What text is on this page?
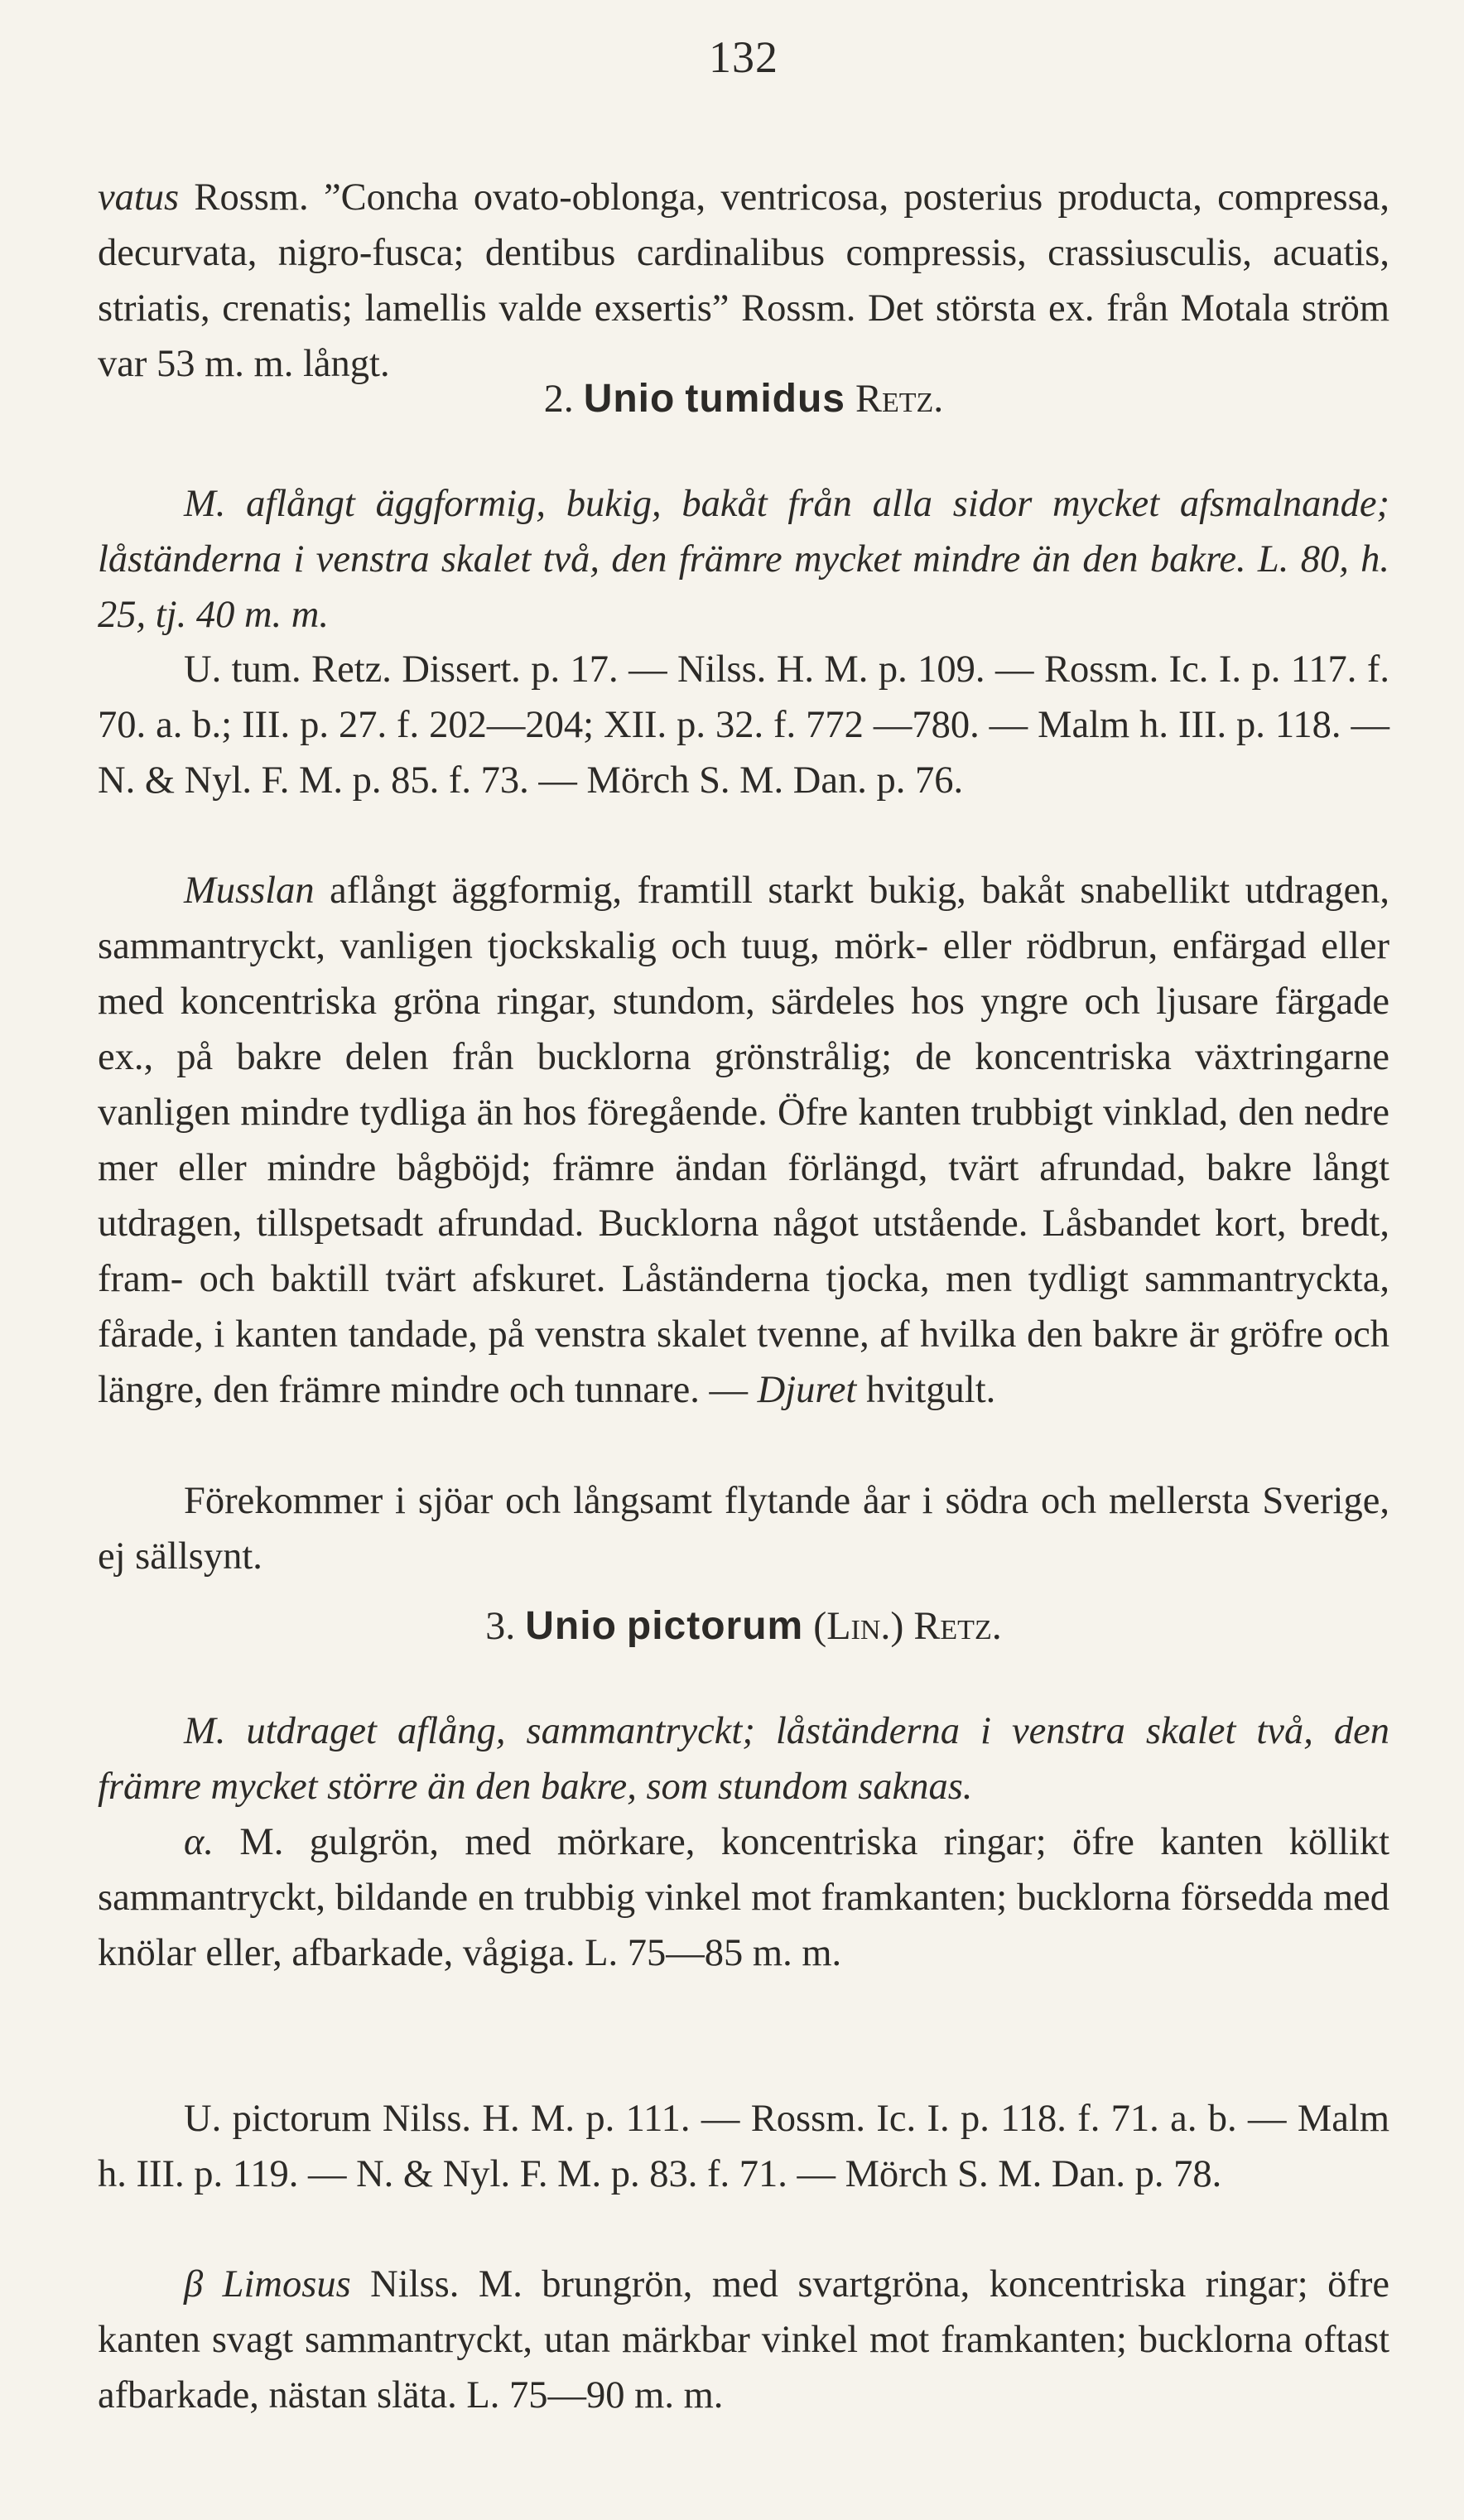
132

vatus Rossm. ”Concha ovato-oblonga, ventricosa, posterius producta, compressa, decurvata, nigro-fusca; dentibus cardinalibus compressis, crassiusculis, acuatis, striatis, crenatis; lamellis valde exsertis” Rossm. Det största ex. från Motala ström var 53 m. m. långt.

2. Unio tumidus Retz.

M. aflångt äggformig, bukig, bakåt från alla sidor mycket afsmalnande; låständerna i venstra skalet två, den främre mycket mindre än den bakre. L. 80, h. 25, tj. 40 m. m.

U. tum. Retz. Dissert. p. 17. — Nilss. H. M. p. 109. — Rossm. Ic. I. p. 117. f. 70. a. b.; III. p. 27. f. 202—204; XII. p. 32. f. 772 —780. — Malm h. III. p. 118. — N. & Nyl. F. M. p. 85. f. 73. — Mörch S. M. Dan. p. 76.

Musslan aflångt äggformig, framtill starkt bukig, bakåt snabellikt utdragen, sammantryckt, vanligen tjockskalig och tuug, mörk- eller rödbrun, enfärgad eller med koncentriska gröna ringar, stundom, särdeles hos yngre och ljusare färgade ex., på bakre delen från bucklorna grönstrålig; de koncentriska växtringarne vanligen mindre tydliga än hos föregående. Öfre kanten trubbigt vinklad, den nedre mer eller mindre bågböjd; främre ändan förlängd, tvärt afrundad, bakre långt utdragen, tillspetsadt afrundad. Bucklorna något utstående. Låsbandet kort, bredt, fram- och baktill tvärt afskuret. Låständerna tjocka, men tydligt sammantryckta, fårade, i kanten tandade, på venstra skalet tvenne, af hvilka den bakre är gröfre och längre, den främre mindre och tunnare. — Djuret hvitgult.

Förekommer i sjöar och långsamt flytande åar i södra och mellersta Sverige, ej sällsynt.

3. Unio pictorum (Lin.) Retz.

M. utdraget aflång, sammantryckt; låständerna i venstra skalet två, den främre mycket större än den bakre, som stundom saknas.

α. M. gulgrön, med mörkare, koncentriska ringar; öfre kanten köllikt sammantryckt, bildande en trubbig vinkel mot framkanten; bucklorna försedda med knölar eller, afbarkade, vågiga. L. 75—85 m. m.

U. pictorum Nilss. H. M. p. 111. — Rossm. Ic. I. p. 118. f. 71. a. b. — Malm h. III. p. 119. — N. & Nyl. F. M. p. 83. f. 71. — Mörch S. M. Dan. p. 78.

β Limosus Nilss. M. brungrön, med svartgröna, koncentriska ringar; öfre kanten svagt sammantryckt, utan märkbar vinkel mot framkanten; bucklorna oftast afbarkade, nästan släta. L. 75—90 m. m.
